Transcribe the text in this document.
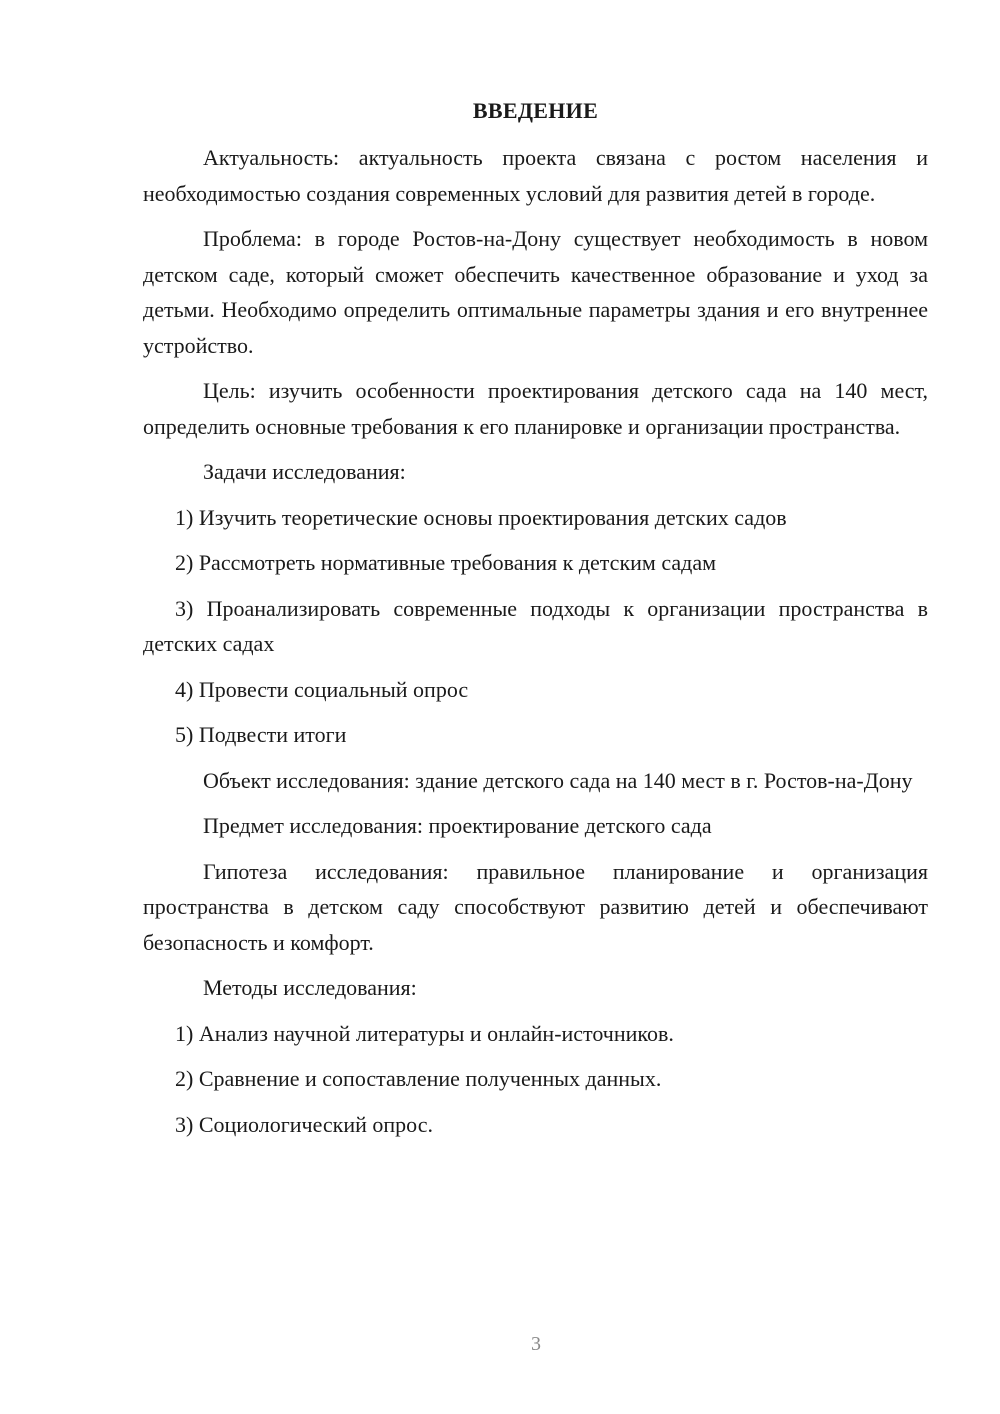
ВВЕДЕНИЕ

Актуальность: актуальность проекта связана с ростом населения и необходимостью создания современных условий для развития детей в городе.

Проблема: в городе Ростов-на-Дону существует необходимость в новом детском саде, который сможет обеспечить качественное образование и уход за детьми. Необходимо определить оптимальные параметры здания и его внутреннее устройство.

Цель: изучить особенности проектирования детского сада на 140 мест, определить основные требования к его планировке и организации пространства.

Задачи исследования:

1) Изучить теоретические основы проектирования детских садов

2) Рассмотреть нормативные требования к детским садам

3) Проанализировать современные подходы к организации пространства в детских садах

4) Провести социальный опрос

5) Подвести итоги

Объект исследования: здание детского сада на 140 мест в г. Ростов-на-Дону

Предмет исследования: проектирование детского сада

Гипотеза исследования: правильное планирование и организация пространства в детском саду способствуют развитию детей и обеспечивают безопасность и комфорт.

Методы исследования:

1) Анализ научной литературы и онлайн-источников.

2) Сравнение и сопоставление полученных данных.

3) Социологический опрос.

3
